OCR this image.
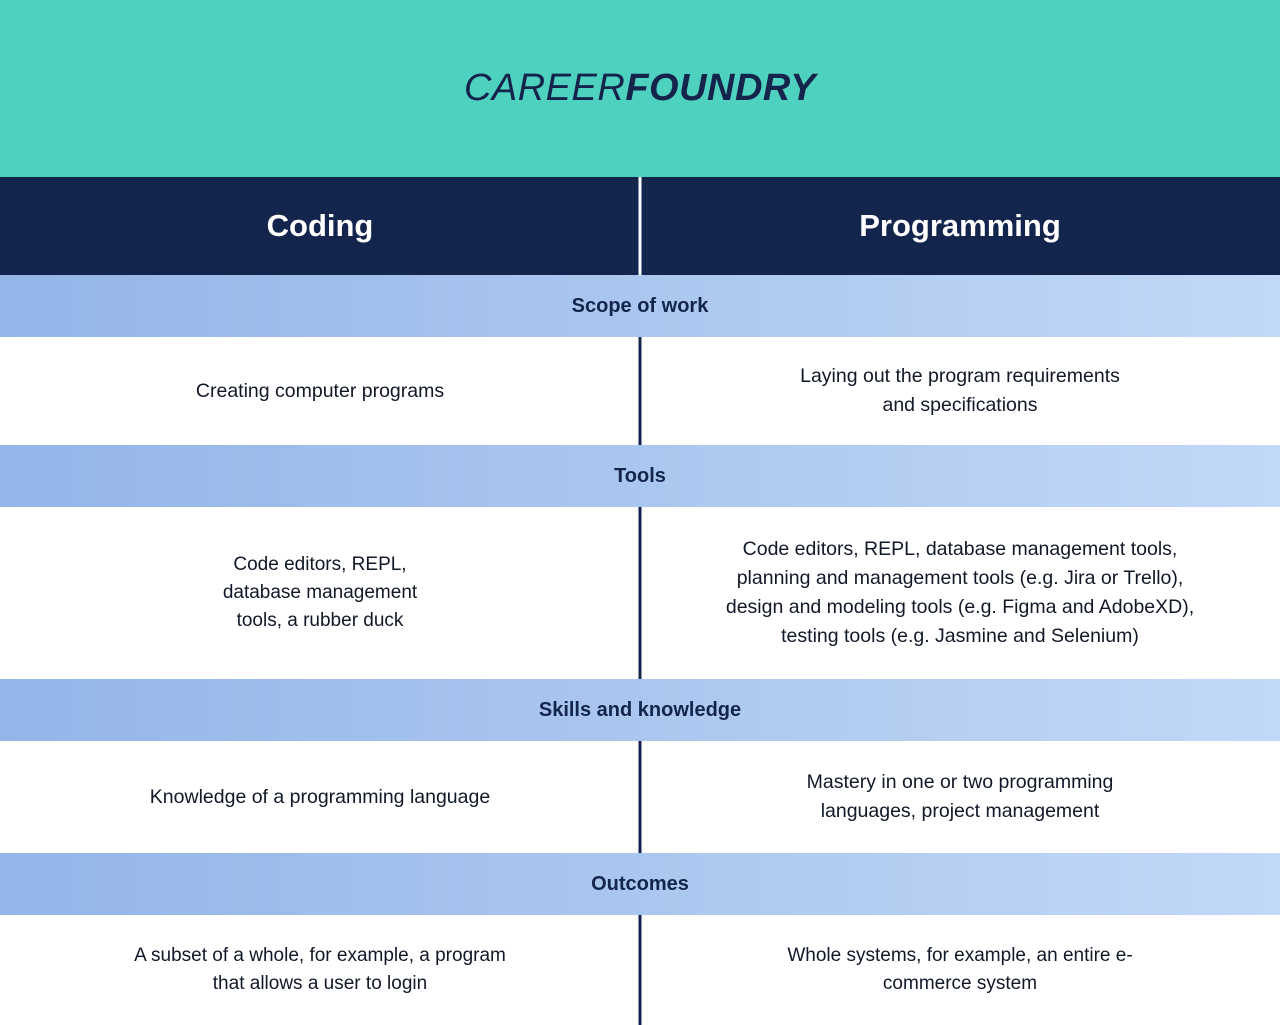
CAREERFOUNDRY
Coding	Programming
Scope of work
Creating computer programs
Laying out the program requirements
and specifications
Tools
Code editors, REPL,
database management
tools, a rubber duck
Code editors, REPL, database management tools,
planning and management tools (e.g. Jira or Trello),
design and modeling tools (e.g. Figma and AdobeXD),
testing tools (e.g. Jasmine and Selenium)
Skills and knowledge
Knowledge of a programming language
Mastery in one or two programming
languages, project management
Outcomes
A subset of a whole, for example, a program
that allows a user to login
Whole systems, for example, an entire e-
commerce system
